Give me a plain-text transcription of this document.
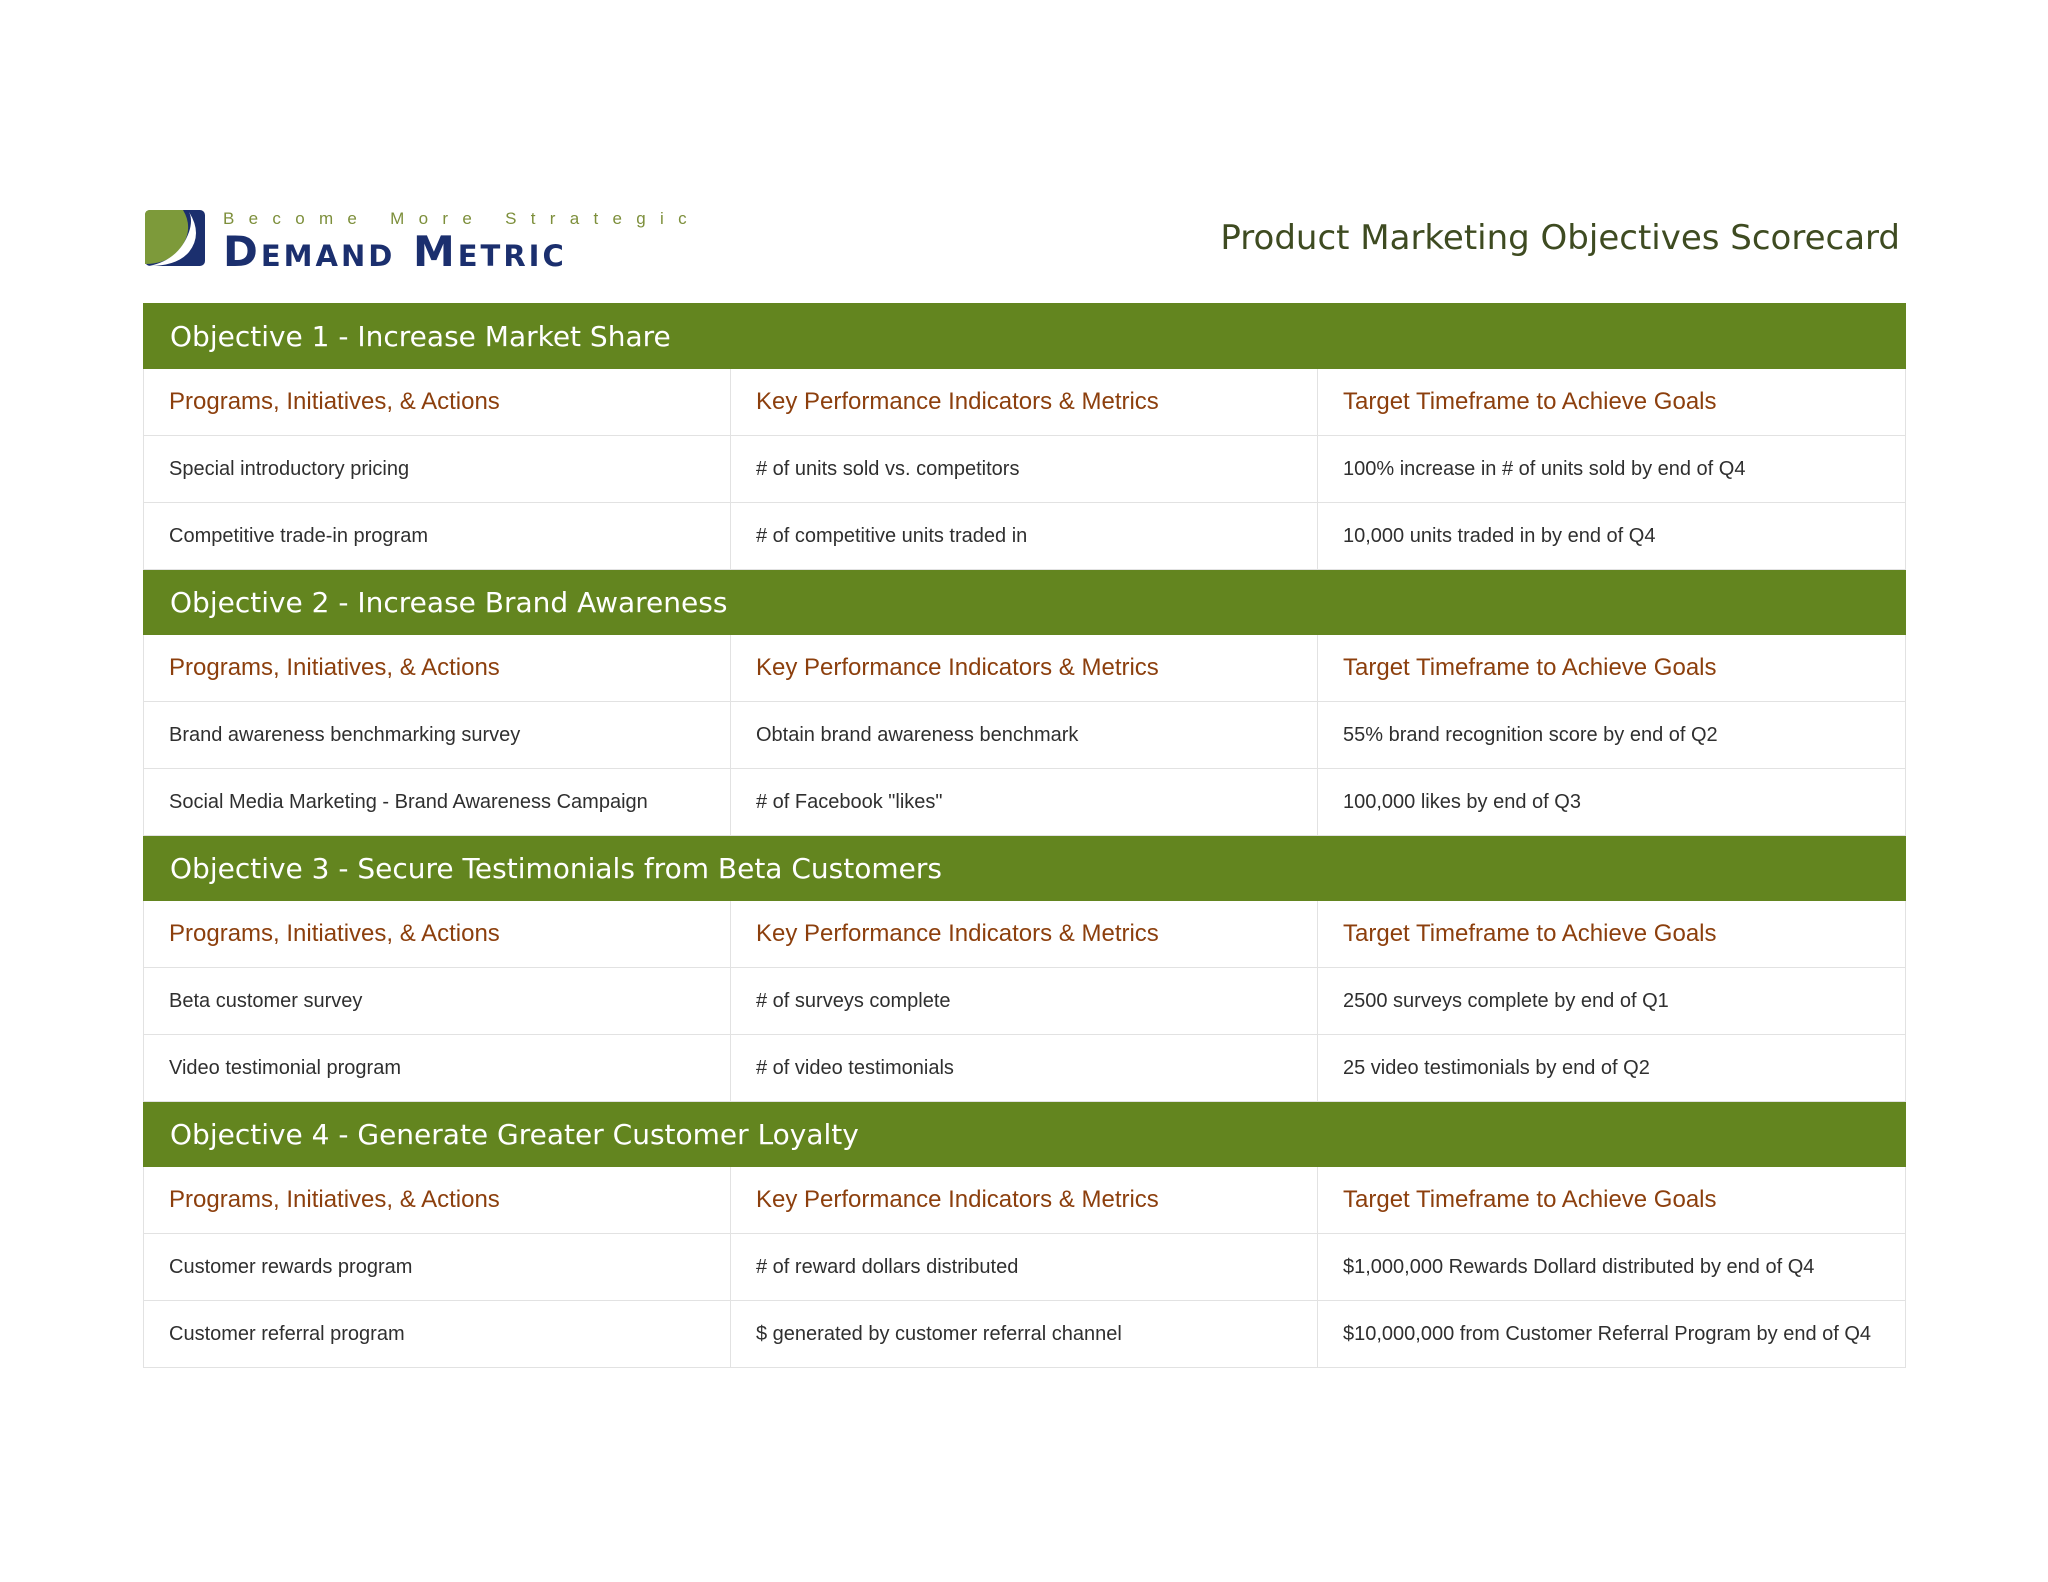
Become More Strategic
Demand Metric	Product Marketing Objectives Scorecard
Objective 1 - Increase Market Share		
Programs, Initiatives, & Actions	Key Performance Indicators & Metrics	Target Timeframe to Achieve Goals
Special introductory pricing	# of units sold vs. competitors	100% increase in # of units sold by end of Q4
Competitive trade-in program	# of competitive units traded in	10,000 units traded in by end of Q4
Objective 2 - Increase Brand Awareness		
Programs, Initiatives, & Actions	Key Performance Indicators & Metrics	Target Timeframe to Achieve Goals
Brand awareness benchmarking survey	Obtain brand awareness benchmark	55% brand recognition score by end of Q2
Social Media Marketing - Brand Awareness Campaign	# of Facebook "likes"	100,000 likes by end of Q3
Objective 3 - Secure Testimonials from Beta Customers		
Programs, Initiatives, & Actions	Key Performance Indicators & Metrics	Target Timeframe to Achieve Goals
Beta customer survey	# of surveys complete	2500 surveys complete by end of Q1
Video testimonial program	# of video testimonials	25 video testimonials by end of Q2
Objective 4 - Generate Greater Customer Loyalty		
Programs, Initiatives, & Actions	Key Performance Indicators & Metrics	Target Timeframe to Achieve Goals
Customer rewards program	# of reward dollars distributed	$1,000,000 Rewards Dollard distributed by end of Q4
Customer referral program	$ generated by customer referral channel	$10,000,000 from Customer Referral Program by end of Q4
